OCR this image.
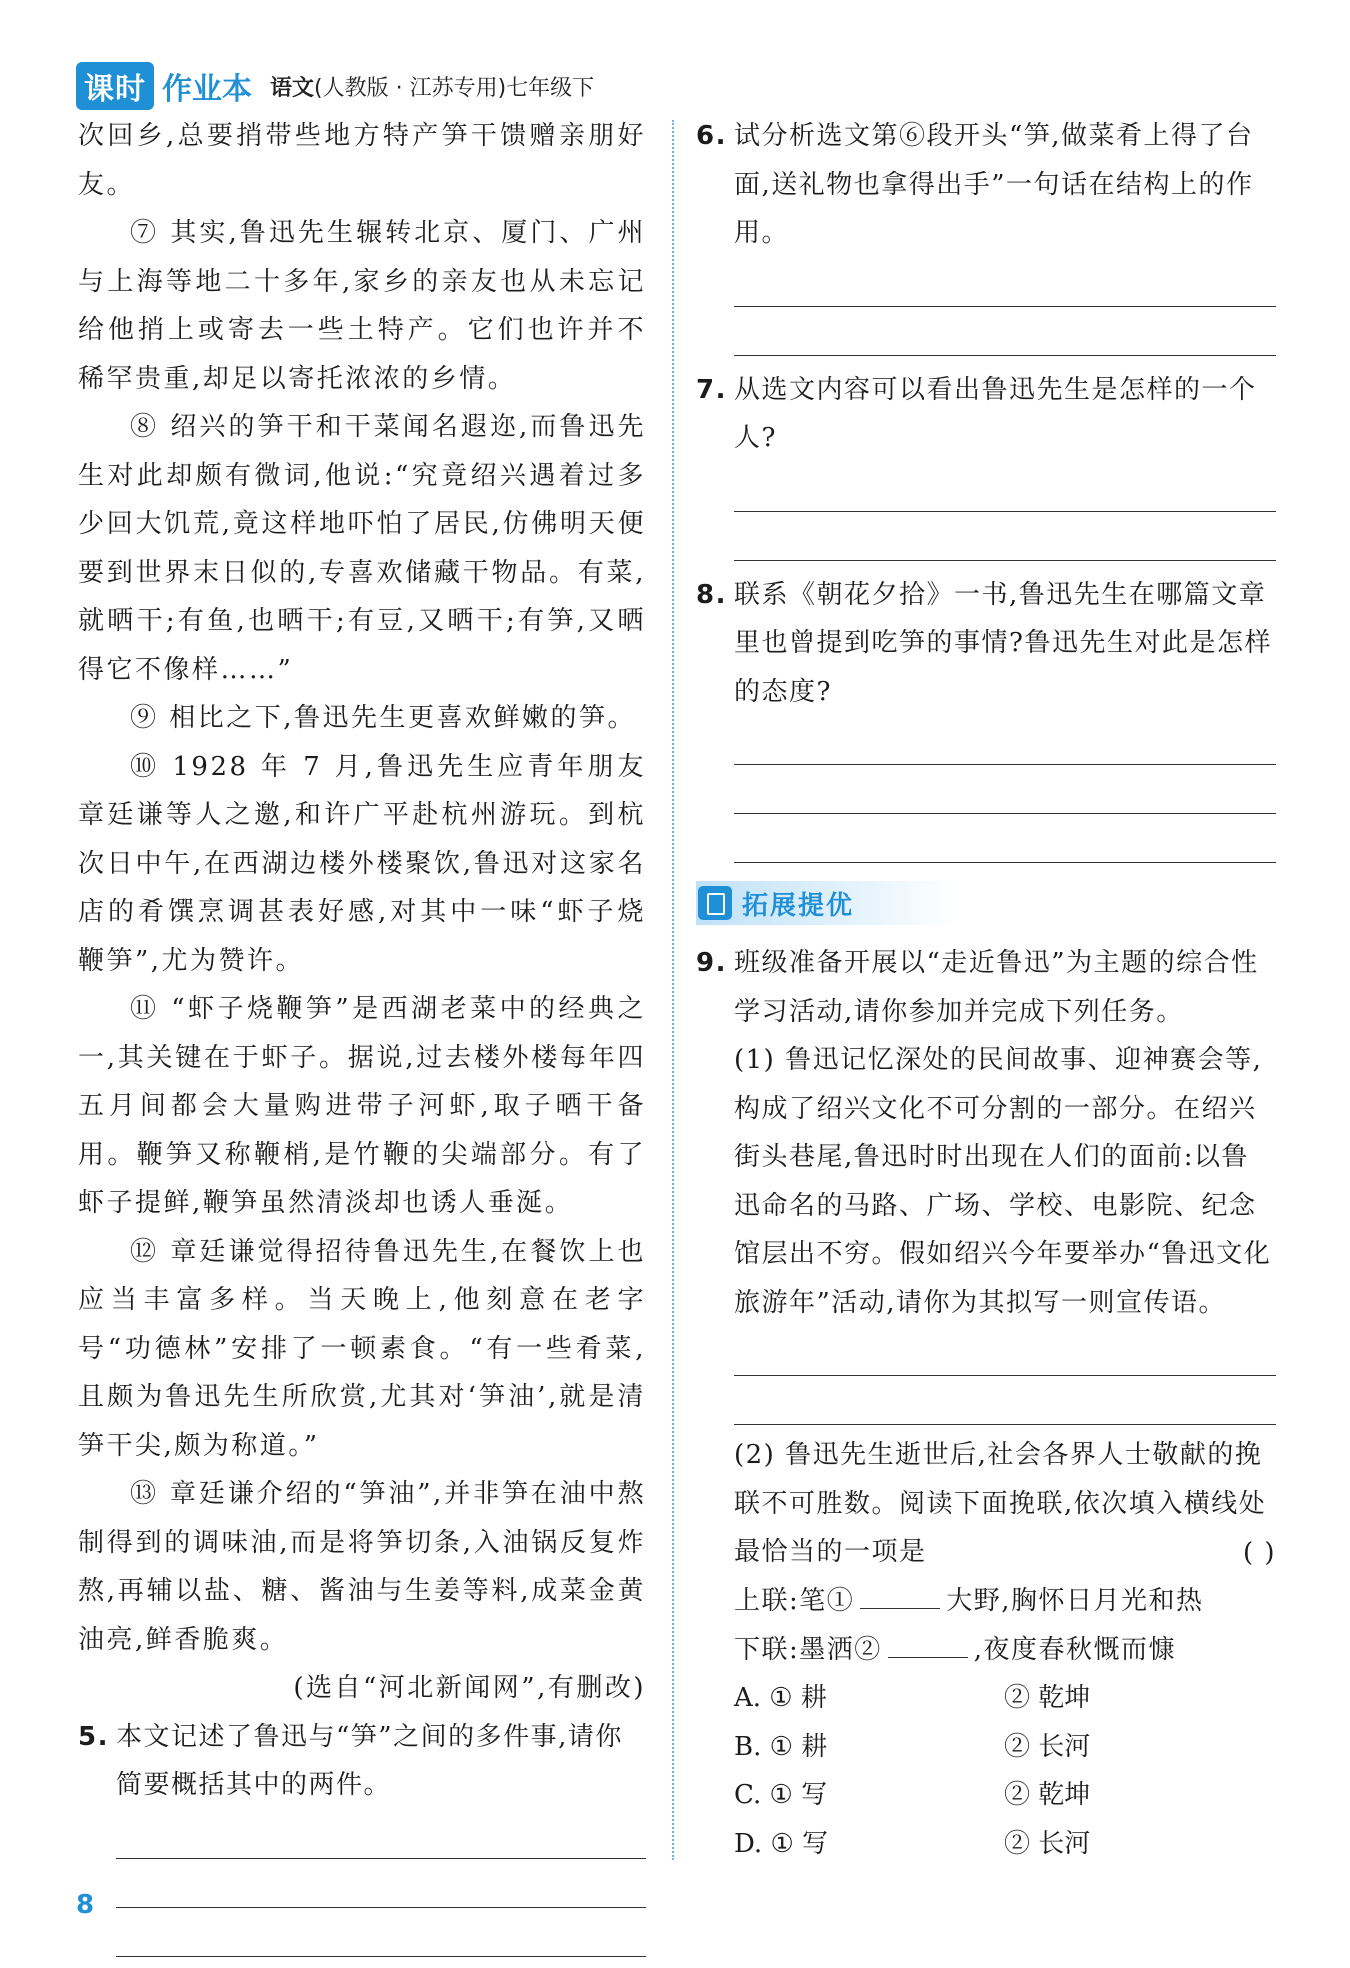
课时 作业本 语文(人教版 · 江苏专用)七年级下

次回乡,总要捎带些地方特产笋干馈赠亲朋好友。

⑦ 其实,鲁迅先生辗转北京、厦门、广州与上海等地二十多年,家乡的亲友也从未忘记给他捎上或寄去一些土特产。它们也许并不稀罕贵重,却足以寄托浓浓的乡情。

⑧ 绍兴的笋干和干菜闻名遐迩,而鲁迅先生对此却颇有微词,他说:“究竟绍兴遇着过多少回大饥荒,竟这样地吓怕了居民,仿佛明天便要到世界末日似的,专喜欢储藏干物品。有菜,就晒干;有鱼,也晒干;有豆,又晒干;有笋,又晒得它不像样……”

⑨ 相比之下,鲁迅先生更喜欢鲜嫩的笋。

⑩ 1928 年 7 月,鲁迅先生应青年朋友章廷谦等人之邀,和许广平赴杭州游玩。到杭次日中午,在西湖边楼外楼聚饮,鲁迅对这家名店的肴馔烹调甚表好感,对其中一味“虾子烧鞭笋”,尤为赞许。

⑪ “虾子烧鞭笋”是西湖老菜中的经典之一,其关键在于虾子。据说,过去楼外楼每年四五月间都会大量购进带子河虾,取子晒干备用。鞭笋又称鞭梢,是竹鞭的尖端部分。有了虾子提鲜,鞭笋虽然清淡却也诱人垂涎。

⑫ 章廷谦觉得招待鲁迅先生,在餐饮上也应当丰富多样。当天晚上,他刻意在老字号“功德林”安排了一顿素食。“有一些肴菜,且颇为鲁迅先生所欣赏,尤其对‘笋油’,就是清笋干尖,颇为称道。”

⑬ 章廷谦介绍的“笋油”,并非笋在油中熬制得到的调味油,而是将笋切条,入油锅反复炸熬,再辅以盐、糖、酱油与生姜等料,成菜金黄油亮,鲜香脆爽。

(选自“河北新闻网”,有删改)

5. 本文记述了鲁迅与“笋”之间的多件事,请你简要概括其中的两件。
6. 试分析选文第⑥段开头“笋,做菜肴上得了台面,送礼物也拿得出手”一句话在结构上的作用。
7. 从选文内容可以看出鲁迅先生是怎样的一个人?
8. 联系《朝花夕拾》一书,鲁迅先生在哪篇文章里也曾提到吃笋的事情?鲁迅先生对此是怎样的态度?
拓展提优
9. 班级准备开展以“走近鲁迅”为主题的综合性学习活动,请你参加并完成下列任务。

(1) 鲁迅记忆深处的民间故事、迎神赛会等,构成了绍兴文化不可分割的一部分。在绍兴街头巷尾,鲁迅时时出现在人们的面前:以鲁迅命名的马路、广场、学校、电影院、纪念馆层出不穷。假如绍兴今年要举办“鲁迅文化旅游年”活动,请你为其拟写一则宣传语。

(2) 鲁迅先生逝世后,社会各界人士敬献的挽联不可胜数。阅读下面挽联,依次填入横线处最恰当的一项是	( )
上联:笔①	大野,胸怀日月光和热
下联:墨洒②	,夜度春秋慨而慷
A. ① 耕	② 乾坤
B. ① 耕	② 长河
C. ① 写	② 乾坤
D. ① 写	② 长河
8
